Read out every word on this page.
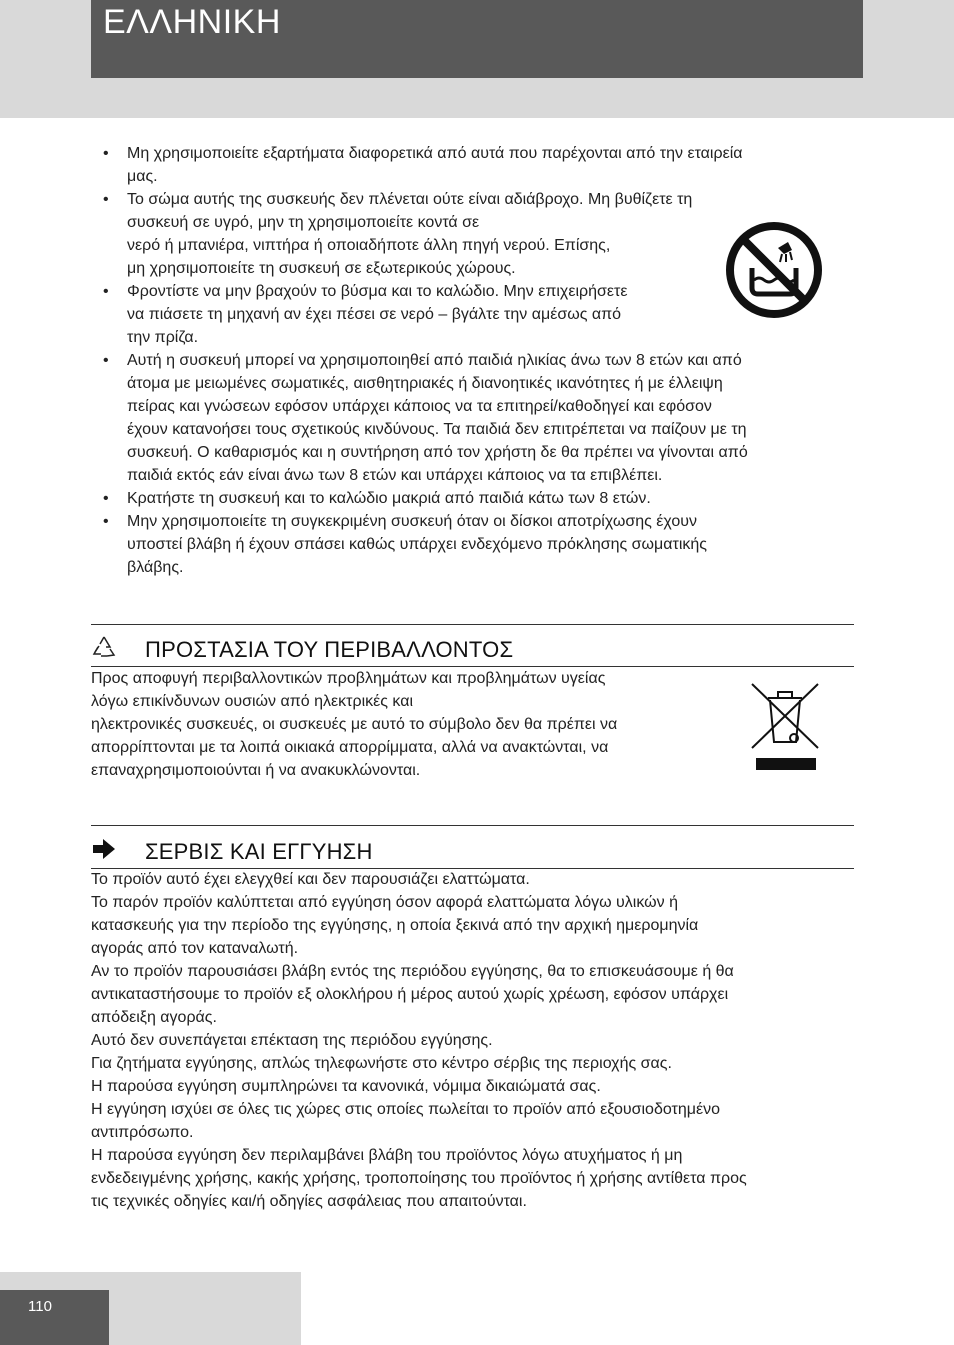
ΕΛΛΗΝΙΚΗ
• Μη χρησιμοποιείτε εξαρτήματα διαφορετικά από αυτά που παρέχονται από την εταιρεία
μας.
• Το σώμα αυτής της συσκευής δεν πλένεται ούτε είναι αδιάβροχο. Μη βυθίζετε τη
συσκευή σε υγρό, μην τη χρησιμοποιείτε κοντά σε
νερό ή μπανιέρα, νιπτήρα ή οποιαδήποτε άλλη πηγή νερού. Επίσης,
μη χρησιμοποιείτε τη συσκευή σε εξωτερικούς χώρους.
• Φροντίστε να μην βραχούν το βύσμα και το καλώδιο. Μην επιχειρήσετε
να πιάσετε τη μηχανή αν έχει πέσει σε νερό – βγάλτε την αμέσως από
την πρίζα.
• Αυτή η συσκευή μπορεί να χρησιμοποιηθεί από παιδιά ηλικίας άνω των 8 ετών και από
άτομα με μειωμένες σωματικές, αισθητηριακές ή διανοητικές ικανότητες ή με έλλειψη
πείρας και γνώσεων εφόσον υπάρχει κάποιος να τα επιτηρεί/καθοδηγεί και εφόσον
έχουν κατανοήσει τους σχετικούς κινδύνους. Τα παιδιά δεν επιτρέπεται να παίζουν με τη
συσκευή. Ο καθαρισμός και η συντήρηση από τον χρήστη δε θα πρέπει να γίνονται από
παιδιά εκτός εάν είναι άνω των 8 ετών και υπάρχει κάποιος να τα επιβλέπει.
• Κρατήστε τη συσκευή και το καλώδιο μακριά από παιδιά κάτω των 8 ετών.
• Μην χρησιμοποιείτε τη συγκεκριμένη συσκευή όταν οι δίσκοι αποτρίχωσης έχουν
υποστεί βλάβη ή έχουν σπάσει καθώς υπάρχει ενδεχόμενο πρόκλησης σωματικής
βλάβης.
ΠΡΟΣΤΑΣΙΑ ΤΟΥ ΠΕΡΙΒΑΛΛΟΝΤΟΣ

Προς αποφυγή περιβαλλοντικών προβλημάτων και προβλημάτων υγείας

λόγω επικίνδυνων ουσιών από ηλεκτρικές και

ηλεκτρονικές συσκευές, οι συσκευές με αυτό το σύμβολο δεν θα πρέπει να

απορρίπτονται με τα λοιπά οικιακά απορρίμματα, αλλά να ανακτώνται, να

επαναχρησιμοποιούνται ή να ανακυκλώνονται.

ΣΕΡΒΙΣ ΚΑΙ ΕΓΓΥΗΣΗ

Το προϊόν αυτό έχει ελεγχθεί και δεν παρουσιάζει ελαττώματα.

Το παρόν προϊόν καλύπτεται από εγγύηση όσον αφορά ελαττώματα λόγω υλικών ή

κατασκευής για την περίοδο της εγγύησης, η οποία ξεκινά από την αρχική ημερομηνία

αγοράς από τον καταναλωτή.

Αν το προϊόν παρουσιάσει βλάβη εντός της περιόδου εγγύησης, θα το επισκευάσουμε ή θα

αντικαταστήσουμε το προϊόν εξ ολοκλήρου ή μέρος αυτού χωρίς χρέωση, εφόσον υπάρχει

απόδειξη αγοράς.

Αυτό δεν συνεπάγεται επέκταση της περιόδου εγγύησης.

Για ζητήματα εγγύησης, απλώς τηλεφωνήστε στο κέντρο σέρβις της περιοχής σας.

Η παρούσα εγγύηση συμπληρώνει τα κανονικά, νόμιμα δικαιώματά σας.

Η εγγύηση ισχύει σε όλες τις χώρες στις οποίες πωλείται το προϊόν από εξουσιοδοτημένο

αντιπρόσωπο.

Η παρούσα εγγύηση δεν περιλαμβάνει βλάβη του προϊόντος λόγω ατυχήματος ή μη

ενδεδειγμένης χρήσης, κακής χρήσης, τροποποίησης του προϊόντος ή χρήσης αντίθετα προς

τις τεχνικές οδηγίες και/ή οδηγίες ασφάλειας που απαιτούνται.

110
